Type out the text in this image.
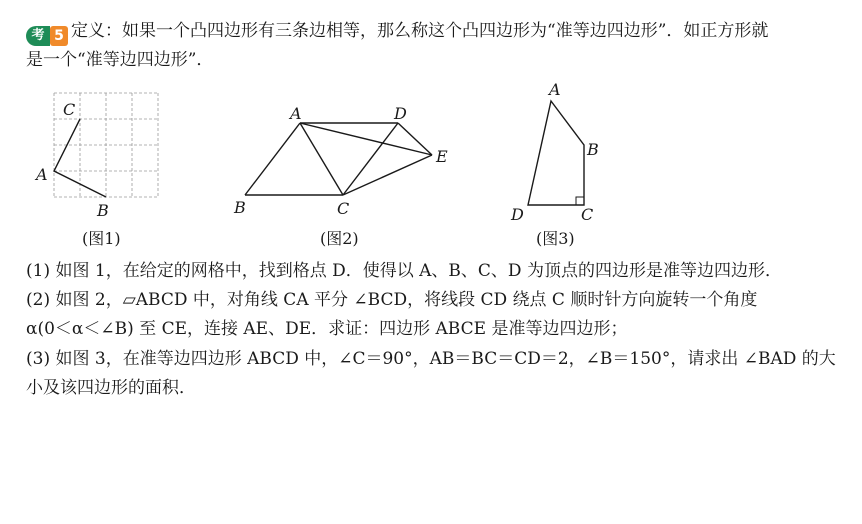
考 5 定义：如果一个凸四边形有三条边相等，那么称这个凸四边形为“准等边四边形”．如正方形就
是一个“准等边四边形”．
C
A
B
(图1)
A	D
E
B	C
(图2)
A
B
D	C
(图3)
(1) 如图 1，在给定的网格中，找到格点 D．使得以 A、B、C、D 为顶点的四边形是准等边四边形．
(2) 如图 2，▱ABCD 中，对角线 CA 平分 ∠BCD，将线段 CD 绕点 C 顺时针方向旋转一个角度
α(0＜α＜∠B) 至 CE，连接 AE、DE．求证：四边形 ABCE 是准等边四边形；
(3) 如图 3，在准等边四边形 ABCD 中，∠C＝90°，AB＝BC＝CD＝2，∠B＝150°，请求出 ∠BAD 的大
小及该四边形的面积．
